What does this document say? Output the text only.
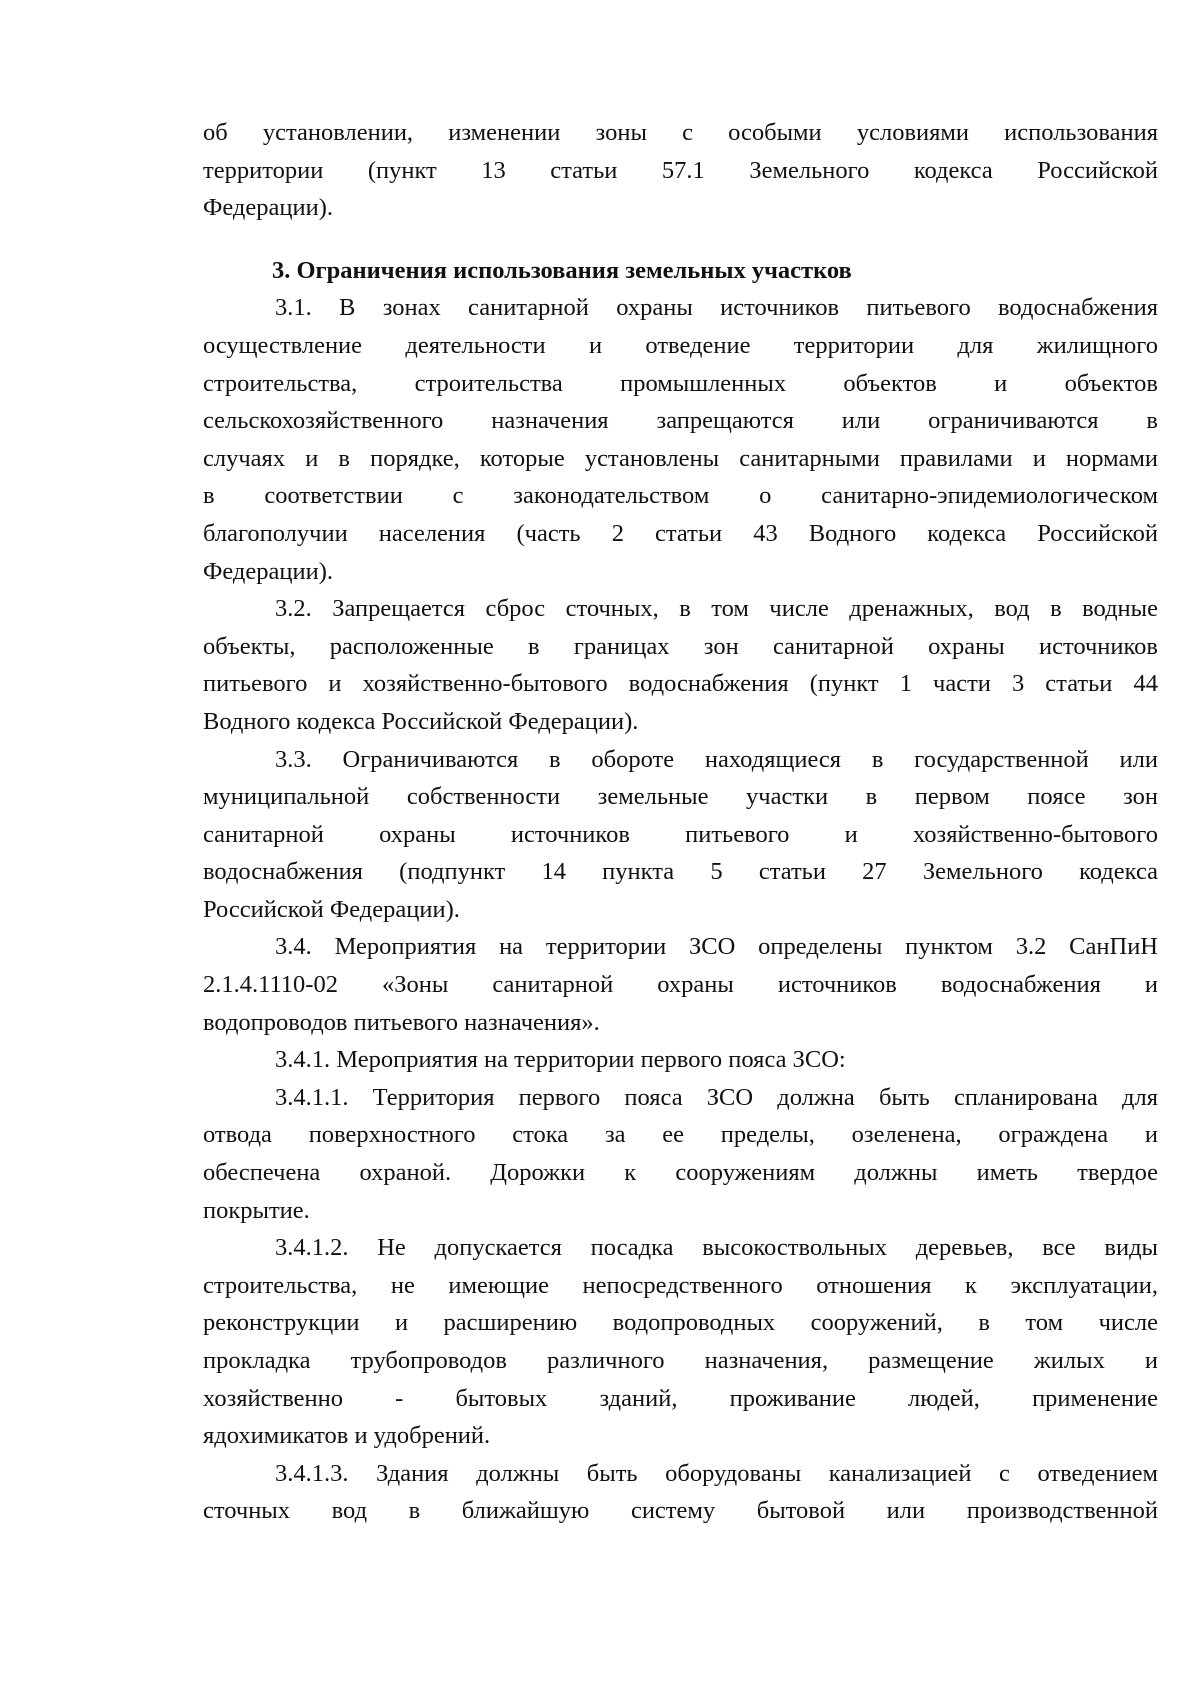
об установлении, изменении зоны с особыми условиями использования
территории (пункт 13 статьи 57.1 Земельного кодекса Российской
Федерации).
3. Ограничения использования земельных участков
3.1. В зонах санитарной охраны источников питьевого водоснабжения
осуществление деятельности и отведение территории для жилищного
строительства, строительства промышленных объектов и объектов
сельскохозяйственного назначения запрещаются или ограничиваются в
случаях и в порядке, которые установлены санитарными правилами и нормами
в соответствии с законодательством о санитарно-эпидемиологическом
благополучии населения (часть 2 статьи 43 Водного кодекса Российской
Федерации).
3.2. Запрещается сброс сточных, в том числе дренажных, вод в водные
объекты, расположенные в границах зон санитарной охраны источников
питьевого и хозяйственно-бытового водоснабжения (пункт 1 части 3 статьи 44
Водного кодекса Российской Федерации).
3.3. Ограничиваются в обороте находящиеся в государственной или
муниципальной собственности земельные участки в первом поясе зон
санитарной охраны источников питьевого и хозяйственно-бытового
водоснабжения (подпункт 14 пункта 5 статьи 27 Земельного кодекса
Российской Федерации).
3.4. Мероприятия на территории ЗСО определены пунктом 3.2 СанПиН
2.1.4.1110-02 «Зоны санитарной охраны источников водоснабжения и
водопроводов питьевого назначения».
3.4.1. Мероприятия на территории первого пояса ЗСО:
3.4.1.1. Территория первого пояса ЗСО должна быть спланирована для
отвода поверхностного стока за ее пределы, озеленена, ограждена и
обеспечена охраной. Дорожки к сооружениям должны иметь твердое
покрытие.
3.4.1.2. Не допускается посадка высокоствольных деревьев, все виды
строительства, не имеющие непосредственного отношения к эксплуатации,
реконструкции и расширению водопроводных сооружений, в том числе
прокладка трубопроводов различного назначения, размещение жилых и
хозяйственно - бытовых зданий, проживание людей, применение
ядохимикатов и удобрений.
3.4.1.3. Здания должны быть оборудованы канализацией с отведением
сточных вод в ближайшую систему бытовой или производственной
